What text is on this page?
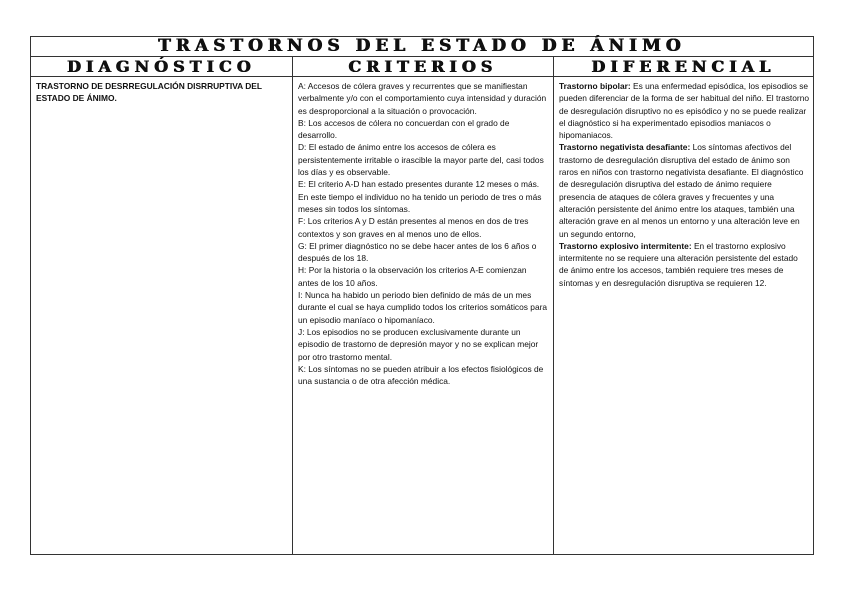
TRASTORNOS DEL ESTADO DE ÁNIMO
DIAGNÓSTICO	CRITERIOS	DIFERENCIAL
TRASTORNO DE DESRREGULACIÓN DISRRUPTIVA DEL ESTADO DE ÁNIMO.
A: Accesos de cólera graves y recurrentes que se manifiestan verbalmente y/o con el comportamiento cuya intensidad y duración es desproporcional a la situación o provocación.
B: Los accesos de cólera no concuerdan con el grado de desarrollo.
D: El estado de ánimo entre los accesos de cólera es persistentemente irritable o irascible la mayor parte del, casi todos los días y es observable.
E: El criterio A-D han estado presentes durante 12 meses o más. En este tiempo el individuo no ha tenido un periodo de tres o más meses sin todos los síntomas.
F: Los criterios A y D están presentes al menos en dos de tres contextos y son graves en al menos uno de ellos.
G: El primer diagnóstico no se debe hacer antes de los 6 años o después de los 18.
H: Por la historia o la observación los criterios A-E comienzan antes de los 10 años.
I: Nunca ha habido un periodo bien definido de más de un mes durante el cual se haya cumplido todos los criterios somáticos para un episodio maníaco o hipomaníaco.
J: Los episodios no se producen exclusivamente durante un episodio de trastorno de depresión mayor y no se explican mejor por otro trastorno mental.
K: Los síntomas no se pueden atribuir a los efectos fisiológicos de una sustancia o de otra afección médica.
Trastorno bipolar: Es una enfermedad episódica, los episodios se pueden diferenciar de la forma de ser habitual del niño. El trastorno de desregulación disruptivo no es episódico y no se puede realizar el diagnóstico si ha experimentado episodios maniacos o hipomaniacos.
Trastorno negativista desafiante: Los síntomas afectivos del trastorno de desregulación disruptiva del estado de ánimo son raros en niños con trastorno negativista desafiante. El diagnóstico de desregulación disruptiva del estado de ánimo requiere presencia de ataques de cólera graves y frecuentes y una alteración persistente del ánimo entre los ataques, también una alteración grave en al menos un entorno y una alteración leve en un segundo entorno,
Trastorno explosivo intermitente: En el trastorno explosivo intermitente no se requiere una alteración persistente del estado de ánimo entre los accesos, también requiere tres meses de síntomas y en desregulación disruptiva se requieren 12.
